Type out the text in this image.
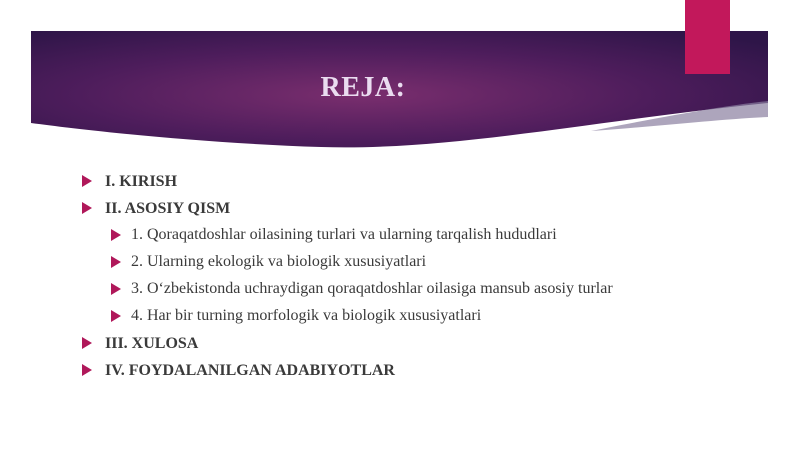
REJA:
I. KIRISH
II. ASOSIY QISM
1. Qoraqatdoshlar oilasining turlari va ularning tarqalish hududlari
2. Ularning ekologik va biologik xususiyatlari
3. O‘zbekistonda uchraydigan qoraqatdoshlar oilasiga mansub asosiy turlar
4. Har bir turning morfologik va biologik xususiyatlari
III. XULOSA
IV. FOYDALANILGAN ADABIYOTLAR
